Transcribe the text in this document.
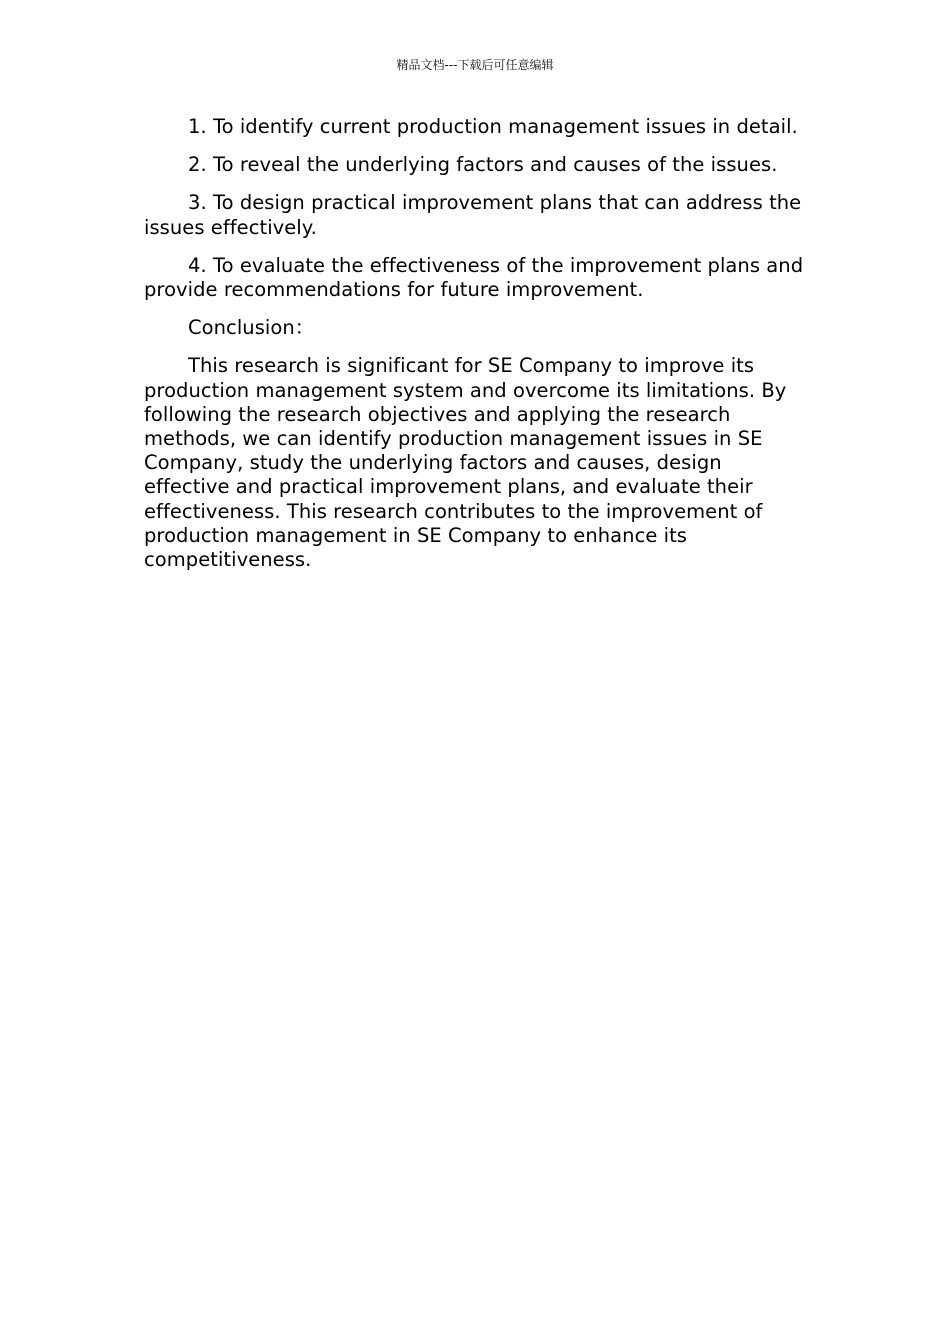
精品文档---下载后可任意编辑

1. To identify current production management issues in detail.

2. To reveal the underlying factors and causes of the issues.

3. To design practical improvement plans that can address the issues effectively.

4. To evaluate the effectiveness of the improvement plans and provide recommendations for future improvement.

Conclusion：

This research is significant for SE Company to improve its production management system and overcome its limitations. By following the research objectives and applying the research methods, we can identify production management issues in SE Company, study the underlying factors and causes, design effective and practical improvement plans, and evaluate their effectiveness. This research contributes to the improvement of production management in SE Company to enhance its competitiveness.
